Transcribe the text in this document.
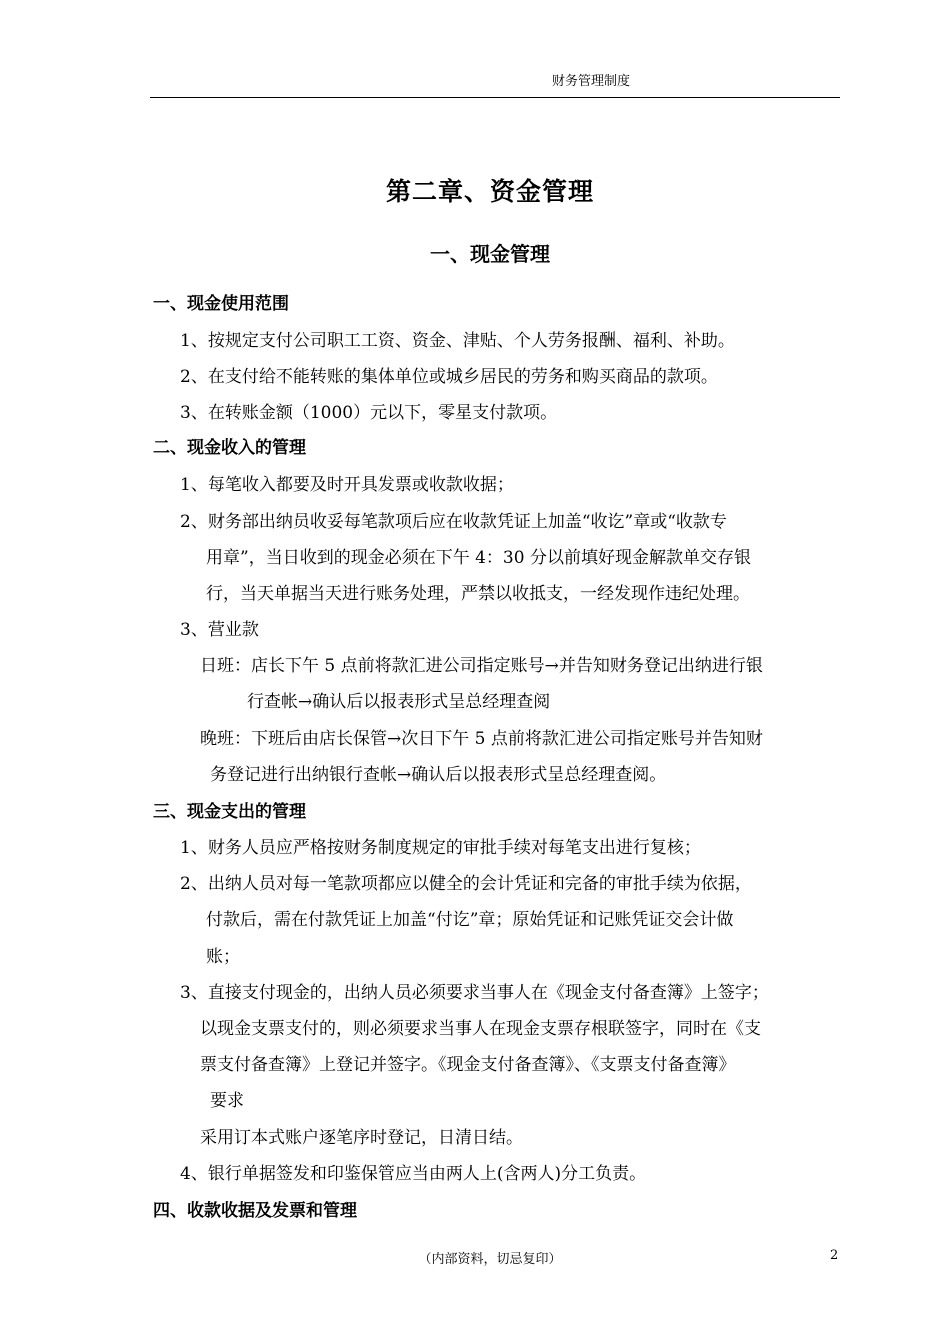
财务管理制度
第二章、资金管理
一、现金管理
一、现金使用范围
1、按规定支付公司职工工资、资金、津贴、个人劳务报酬、福利、补助。
2、在支付给不能转账的集体单位或城乡居民的劳务和购买商品的款项。
3、在转账金额（1000）元以下，零星支付款项。
二、现金收入的管理
1、每笔收入都要及时开具发票或收款收据；
2、财务部出纳员收妥每笔款项后应在收款凭证上加盖“收讫”章或“收款专
用章”，当日收到的现金必须在下午 4：30 分以前填好现金解款单交存银
行，当天单据当天进行账务处理，严禁以收抵支，一经发现作违纪处理。
3、营业款
日班：店长下午 5 点前将款汇进公司指定账号→并告知财务登记出纳进行银
行查帐→确认后以报表形式呈总经理查阅
晚班：下班后由店长保管→次日下午 5 点前将款汇进公司指定账号并告知财
务登记进行出纳银行查帐→确认后以报表形式呈总经理查阅。
三、现金支出的管理
1、财务人员应严格按财务制度规定的审批手续对每笔支出进行复核；
2、出纳人员对每一笔款项都应以健全的会计凭证和完备的审批手续为依据，
付款后，需在付款凭证上加盖“付讫”章；原始凭证和记账凭证交会计做
账；
3、直接支付现金的，出纳人员必须要求当事人在《现金支付备查簿》上签字；
以现金支票支付的，则必须要求当事人在现金支票存根联签字，同时在《支
票支付备查簿》上登记并签字。《现金支付备查簿》、《支票支付备查簿》
要求
采用订本式账户逐笔序时登记，日清日结。
4、银行单据签发和印鉴保管应当由两人上(含两人)分工负责。
四、收款收据及发票和管理
（内部资料，切忌复印）	2
